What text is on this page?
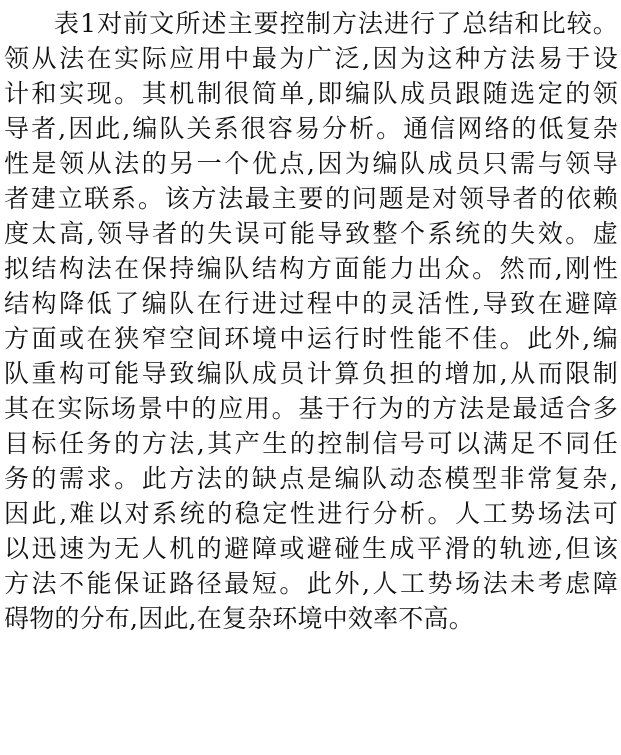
表1对前文所述主要控制方法进行了总结和比较。
领从法在实际应用中最为广泛,因为这种方法易于设
计和实现。其机制很简单,即编队成员跟随选定的领
导者,因此,编队关系很容易分析。通信网络的低复杂
性是领从法的另一个优点,因为编队成员只需与领导
者建立联系。该方法最主要的问题是对领导者的依赖
度太高,领导者的失误可能导致整个系统的失效。虚
拟结构法在保持编队结构方面能力出众。然而,刚性
结构降低了编队在行进过程中的灵活性,导致在避障
方面或在狭窄空间环境中运行时性能不佳。此外,编
队重构可能导致编队成员计算负担的增加,从而限制
其在实际场景中的应用。基于行为的方法是最适合多
目标任务的方法,其产生的控制信号可以满足不同任
务的需求。此方法的缺点是编队动态模型非常复杂,
因此,难以对系统的稳定性进行分析。人工势场法可
以迅速为无人机的避障或避碰生成平滑的轨迹,但该
方法不能保证路径最短。此外,人工势场法未考虑障
碍物的分布,因此,在复杂环境中效率不高。
